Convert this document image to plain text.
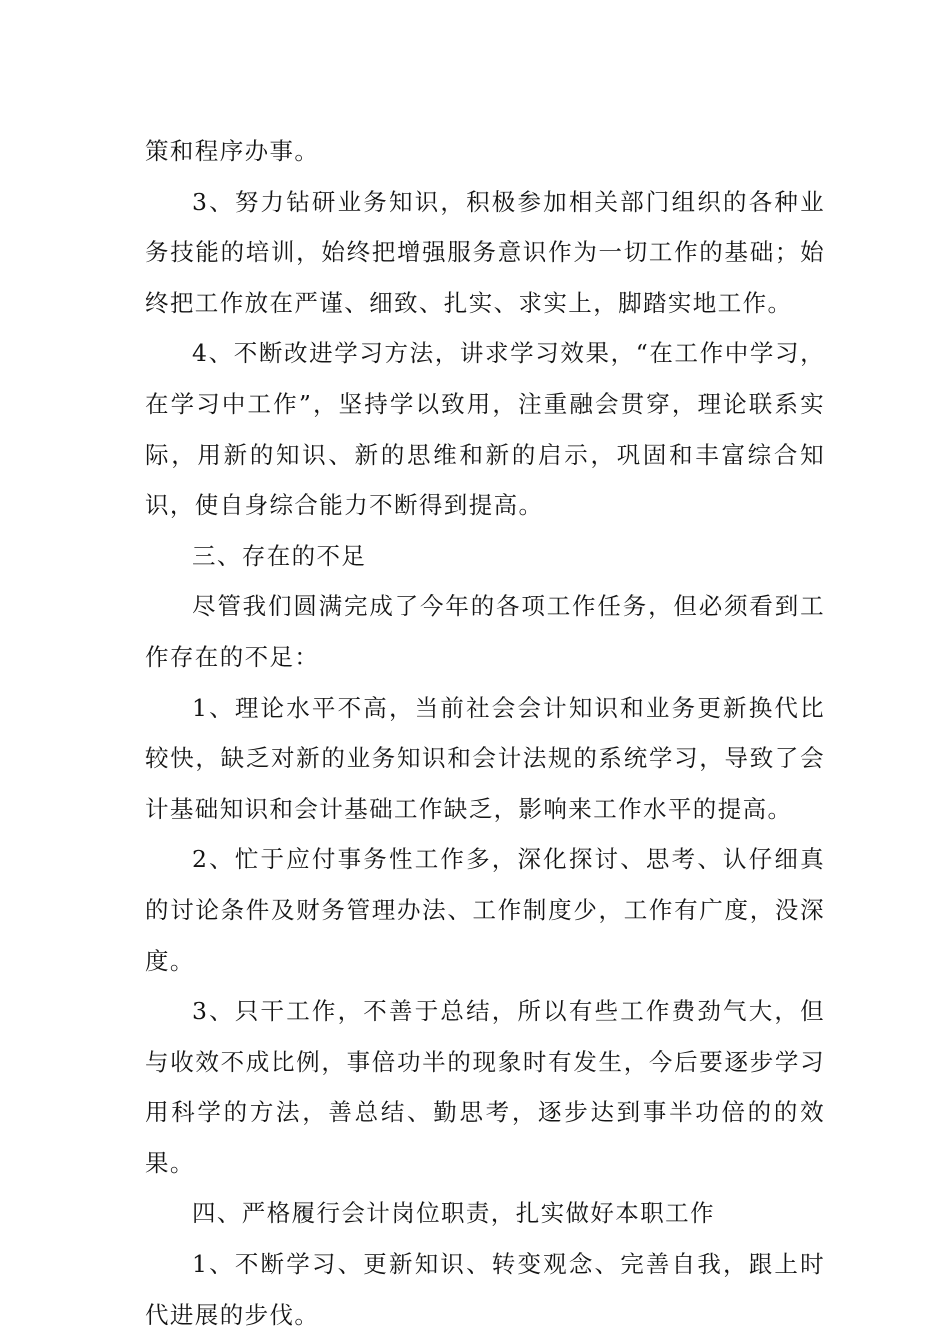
策和程序办事。

3、努力钻研业务知识，积极参加相关部门组织的各种业务技能的培训，始终把增强服务意识作为一切工作的基础；始终把工作放在严谨、细致、扎实、求实上，脚踏实地工作。

4、不断改进学习方法，讲求学习效果，“在工作中学习，在学习中工作”，坚持学以致用，注重融会贯穿，理论联系实际，用新的知识、新的思维和新的启示，巩固和丰富综合知识，使自身综合能力不断得到提高。

三、存在的不足

尽管我们圆满完成了今年的各项工作任务，但必须看到工作存在的不足：

1、理论水平不高，当前社会会计知识和业务更新换代比较快，缺乏对新的业务知识和会计法规的系统学习，导致了会计基础知识和会计基础工作缺乏，影响来工作水平的提高。

2、忙于应付事务性工作多，深化探讨、思考、认仔细真的讨论条件及财务管理办法、工作制度少，工作有广度，没深度。

3、只干工作，不善于总结，所以有些工作费劲气大，但与收效不成比例，事倍功半的现象时有发生，今后要逐步学习用科学的方法，善总结、勤思考，逐步达到事半功倍的的效果。

四、严格履行会计岗位职责，扎实做好本职工作

1、不断学习、更新知识、转变观念、完善自我，跟上时代进展的步伐。
